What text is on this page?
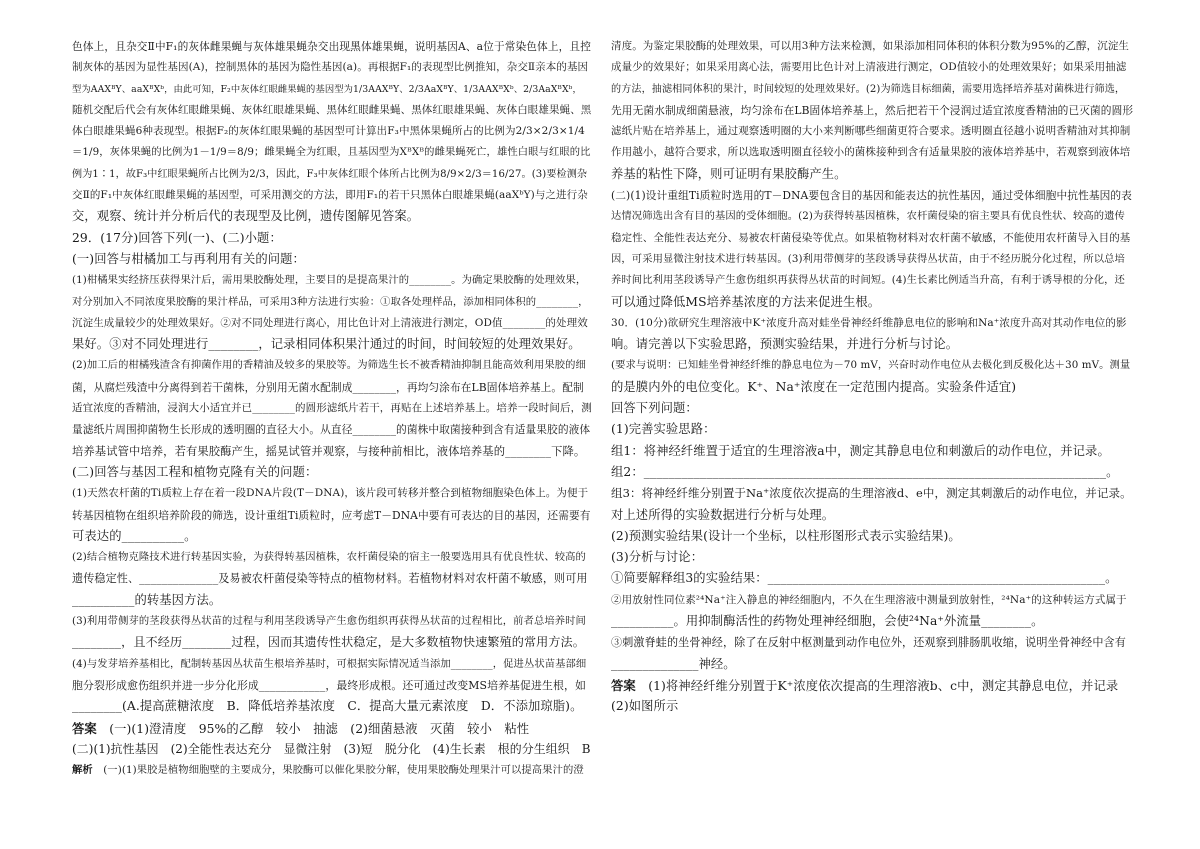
色体上，且杂交Ⅱ中F₁的灰体雌果蝇与灰体雄果蝇杂交出现黑体雄果蝇，说明基因A、a位于常染色体上，且控
制灰体的基因为显性基因(A)，控制黑体的基因为隐性基因(a)。再根据F₁的表现型比例推知，杂交Ⅱ亲本的基因
型为AAXᴮY、aaXᴮXᵇ，由此可知，F₂中灰体红眼雌果蝇的基因型为1/3AAXᴮY、2/3AaXᴮY、1/3AAXᴮXᵇ、2/3AaXᴮXᵇ，
随机交配后代会有灰体红眼雌果蝇、灰体红眼雄果蝇、黑体红眼雌果蝇、黑体红眼雄果蝇、灰体白眼雄果蝇、黑
体白眼雄果蝇6种表现型。根据F₂的灰体红眼果蝇的基因型可计算出F₃中黑体果蝇所占的比例为2/3×2/3×1/4
＝1/9，灰体果蝇的比例为1－1/9＝8/9；雌果蝇全为红眼，且基因型为XᴮXᴮ的雌果蝇死亡，雄性白眼与红眼的比
例为1∶1，故F₃中红眼果蝇所占比例为2/3，因此，F₃中灰体红眼个体所占比例为8/9×2/3＝16/27。(3)要检测杂
交Ⅱ的F₁中灰体红眼雌果蝇的基因型，可采用测交的方法，即用F₁的若干只黑体白眼雄果蝇(aaXᵇY)与之进行杂
交，观察、统计并分析后代的表现型及比例，遗传图解见答案。
29．(17分)回答下列(一)、(二)小题：
(一)回答与柑橘加工与再利用有关的问题：
(1)柑橘果实经挤压获得果汁后，需用果胶酶处理，主要目的是提高果汁的________。为确定果胶酶的处理效果，
对分别加入不同浓度果胶酶的果汁样品，可采用3种方法进行实验：①取各处理样品，添加相同体积的________，
沉淀生成量较少的处理效果好。②对不同处理进行离心，用比色计对上清液进行测定，OD值________的处理效
果好。③对不同处理进行________，记录相同体积果汁通过的时间，时间较短的处理效果好。
(2)加工后的柑橘残渣含有抑菌作用的香精油及较多的果胶等。为筛选生长不被香精油抑制且能高效利用果胶的细
菌，从腐烂残渣中分离得到若干菌株，分别用无菌水配制成________，再均匀涂布在LB固体培养基上。配制
适宜浓度的香精油，浸润大小适宜并已________的圆形滤纸片若干，再贴在上述培养基上。培养一段时间后，测
量滤纸片周围抑菌物生长形成的透明圈的直径大小。从直径________的菌株中取菌接种到含有适量果胶的液体
培养基试管中培养，若有果胶酶产生，摇晃试管并观察，与接种前相比，液体培养基的________下降。
(二)回答与基因工程和植物克隆有关的问题：
(1)天然农杆菌的Ti质粒上存在着一段DNA片段(T－DNA)，该片段可转移并整合到植物细胞染色体上。为便于
转基因植物在组织培养阶段的筛选，设计重组Ti质粒时，应考虑T－DNA中要有可表达的目的基因，还需要有
可表达的__________。
(2)结合植物克隆技术进行转基因实验，为获得转基因植株，农杆菌侵染的宿主一般要选用具有优良性状、较高的
遗传稳定性、______________及易被农杆菌侵染等特点的植物材料。若植物材料对农杆菌不敏感，则可用
__________的转基因方法。
(3)利用带侧芽的茎段获得丛状苗的过程与利用茎段诱导产生愈伤组织再获得丛状苗的过程相比，前者总培养时间
________，且不经历________过程，因而其遗传性状稳定，是大多数植物快速繁殖的常用方法。
(4)与发芽培养基相比，配制转基因丛状苗生根培养基时，可根据实际情况适当添加________，促进丛状苗基部细
胞分裂形成愈伤组织并进一步分化形成____________，最终形成根。还可通过改变MS培养基促进生根，如
________(A.提高蔗糖浓度　B．降低培养基浓度　C．提高大量元素浓度　D．不添加琼脂)。
答案　(一)(1)澄清度　95%的乙醇　较小　抽滤　(2)细菌悬液　灭菌　较小　粘性
(二)(1)抗性基因　(2)全能性表达充分　显微注射　(3)短　脱分化　(4)生长素　根的分生组织　B
解析　(一)(1)果胶是植物细胞壁的主要成分，果胶酶可以催化果胶分解，使用果胶酶处理果汁可以提高果汁的澄
清度。为鉴定果胶酶的处理效果，可以用3种方法来检测，如果添加相同体积的体积分数为95%的乙醇，沉淀生
成量少的效果好；如果采用离心法，需要用比色计对上清液进行测定，OD值较小的处理效果好；如果采用抽滤
的方法，抽滤相同体积的果汁，时间较短的处理效果好。(2)为筛选目标细菌，需要用选择培养基对菌株进行筛选，
先用无菌水制成细菌悬液，均匀涂布在LB固体培养基上，然后把若干个浸润过适宜浓度香精油的已灭菌的圆形
滤纸片贴在培养基上，通过观察透明圈的大小来判断哪些细菌更符合要求。透明圈直径越小说明香精油对其抑制
作用越小，越符合要求，所以选取透明圈直径较小的菌株接种到含有适量果胶的液体培养基中，若观察到液体培
养基的粘性下降，则可证明有果胶酶产生。
(二)(1)设计重组Ti质粒时选用的T－DNA要包含目的基因和能表达的抗性基因，通过受体细胞中抗性基因的表
达情况筛选出含有目的基因的受体细胞。(2)为获得转基因植株，农杆菌侵染的宿主要具有优良性状、较高的遗传
稳定性、全能性表达充分、易被农杆菌侵染等优点。如果植物材料对农杆菌不敏感，不能使用农杆菌导入目的基
因，可采用显微注射技术进行转基因。(3)利用带侧芽的茎段诱导获得丛状苗，由于不经历脱分化过程，所以总培
养时间比利用茎段诱导产生愈伤组织再获得丛状苗的时间短。(4)生长素比例适当升高，有利于诱导根的分化，还
可以通过降低MS培养基浓度的方法来促进生根。
30．(10分)欲研究生理溶液中K⁺浓度升高对蛙坐骨神经纤维静息电位的影响和Na⁺浓度升高对其动作电位的影
响。请完善以下实验思路，预测实验结果，并进行分析与讨论。
(要求与说明：已知蛙坐骨神经纤维的静息电位为－70 mV，兴奋时动作电位从去极化到反极化达＋30 mV。测量
的是膜内外的电位变化。K⁺、Na⁺浓度在一定范围内提高。实验条件适宜)
回答下列问题：
(1)完善实验思路：
组1：将神经纤维置于适宜的生理溶液a中，测定其静息电位和刺激后的动作电位，并记录。
组2：__________________________________________________________________________。
组3：将神经纤维分别置于Na⁺浓度依次提高的生理溶液d、e中，测定其刺激后的动作电位，并记录。
对上述所得的实验数据进行分析与处理。
(2)预测实验结果(设计一个坐标，以柱形图形式表示实验结果)。
(3)分析与讨论：
①简要解释组3的实验结果：______________________________________________________。
②用放射性同位素²⁴Na⁺注入静息的神经细胞内，不久在生理溶液中测量到放射性，²⁴Na⁺的这种转运方式属于
__________。用抑制酶活性的药物处理神经细胞，会使²⁴Na⁺外流量________。
③刺激脊蛙的坐骨神经，除了在反射中枢测量到动作电位外，还观察到腓肠肌收缩，说明坐骨神经中含有
______________神经。
答案　(1)将神经纤维分别置于K⁺浓度依次提高的生理溶液b、c中，测定其静息电位，并记录
(2)如图所示
